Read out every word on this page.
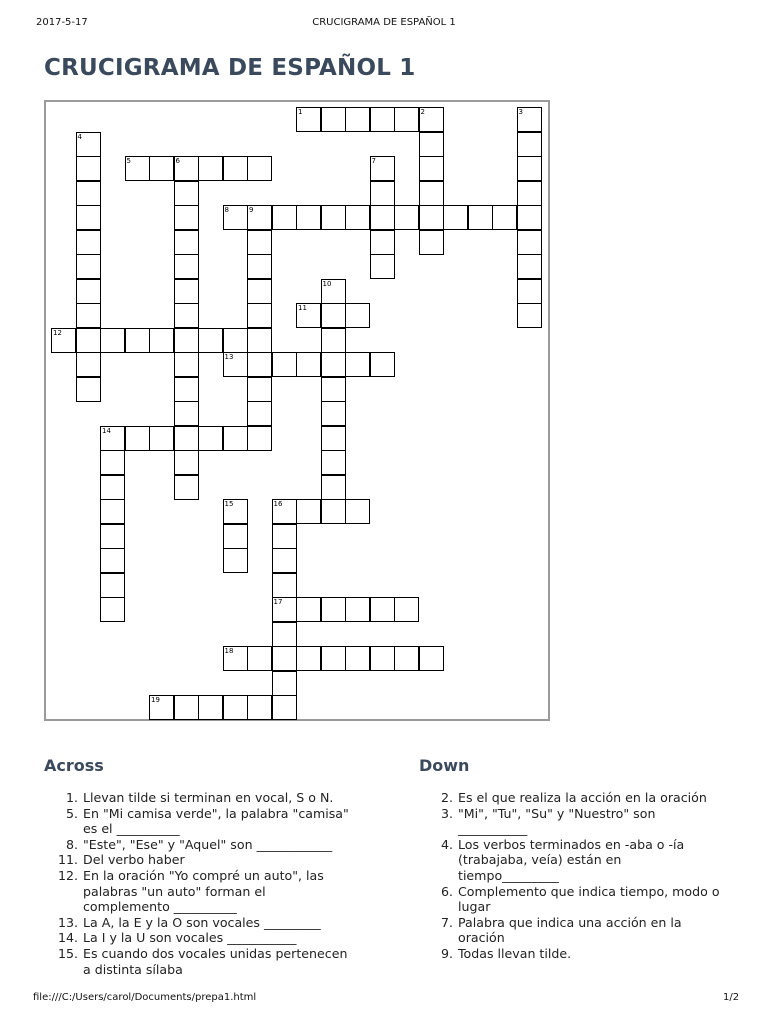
2017-5-17	CRUCIGRAMA DE ESPAÑOL 1
CRUCIGRAMA DE ESPAÑOL 1
Across	Down
1. Llevan tilde si terminan en vocal, S o N.
5. En "Mi camisa verde", la palabra "camisa"
es el __________
8. "Este", "Ese" y "Aquel" son ____________
11. Del verbo haber
12. En la oración "Yo compré un auto", las
palabras "un auto" forman el
complemento __________
13. La A, la E y la O son vocales _________
14. La I y la U son vocales ___________
15. Es cuando dos vocales unidas pertenecen
a distinta sílaba
2. Es el que realiza la acción en la oración
3. "Mi", "Tu", "Su" y "Nuestro" son
___________
4. Los verbos terminados en -aba o -ía
(trabajaba, veía) están en
tiempo_________
6. Complemento que indica tiempo, modo o
lugar
7. Palabra que indica una acción en la
oración
9. Todas llevan tilde.
file:///C:/Users/carol/Documents/prepa1.html	1/2
1	2	3
4
5	6	7
8	9
10
11
12
13
14
15	16
17
18
19
